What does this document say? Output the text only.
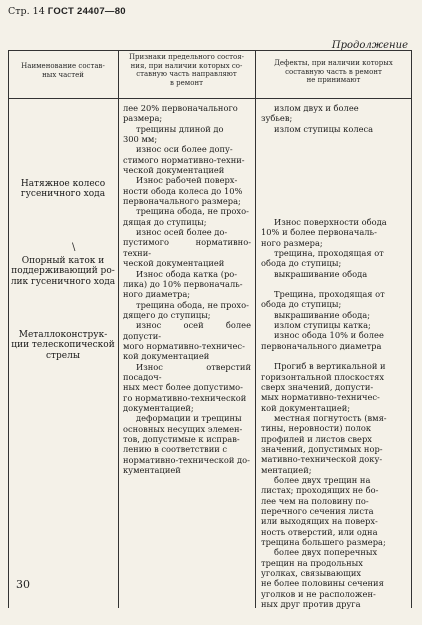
Стр. 14 ГОСТ 24407—80
Продолжение
Наименование состав-
ных частей
Признаки предельного состоя-
ния, при наличии которых со-
ставную часть направляют
в ремонт
Дефекты, при наличии которых
составную часть в ремонт
не принимают
Натяжное колесо
гусеничного хода
\
Опорный каток и
поддерживающий ро-
лик гусеничного хода
Металлоконструк-
ции телескопической
стрелы

лее 20% первоначального
размера;

трещины длиной до
300 мм;

износ оси более допу-
стимого нормативно-техни-
ческой документацией

Износ рабочей поверх-
ности обода колеса до 10%
первоначального размера;

трещина обода, не прохо-
дящая до ступицы;

износ осей более до-
пустимого нормативно-техни-
ческой документацией

Износ обода катка (ро-
лика) до 10% первоначаль-
ного диаметра;

трещина обода, не прохо-
дящего до ступицы;

износ осей более допусти-
мого нормативно-техничес-
кой документацией

Износ отверстий посадоч-
ных мест более допустимо-
го нормативно-технической
документацией;

деформации и трещины
основных несущих элемен-
тов, допустимые к исправ-
лению в соответствии с
нормативно-технической до-
кументацией

излом двух и более
зубьев;

излом ступицы колеса

Износ поверхности обода
10% и более первоначаль-
ного размера;

трещина, проходящая от
обода до ступицы;

выкрашивание обода

Трещина, проходящая от
обода до ступицы;

выкрашивание обода;

излом ступицы катка;

износ обода 10% и более
первоначального диаметра

Прогиб в вертикальной и
горизонтальной плоскостях
сверх значений, допусти-
мых нормативно-техничес-
кой документацией;

местная погнутость (вмя-
тины, неровности) полок
профилей и листов сверх
значений, допустимых нор-
мативно-технической доку-
ментацией;

более двух трещин на
листах; проходящих не бо-
лее чем на половину по-
перечного сечения листа
или выходящих на поверх-
ность отверстий, или одна
трещина большего размера;

более двух поперечных
трещин на продольных
уголках, связывающих
не более половины сечения
уголков и не расположен-
ных друг против друга

30
